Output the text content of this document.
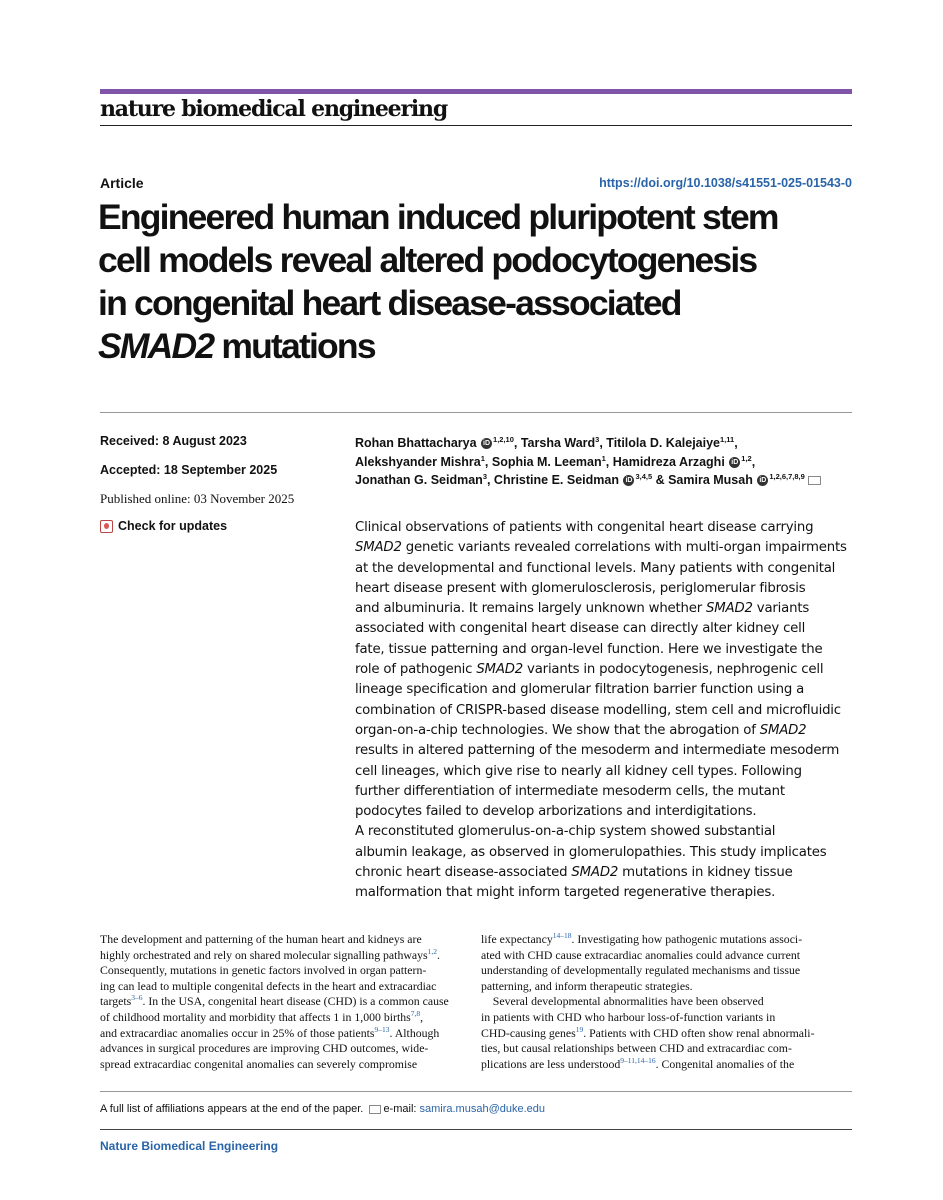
nature biomedical engineering
Article	https://doi.org/10.1038/s41551-025-01543-0
Engineered human induced pluripotent stem
cell models reveal altered podocytogenesis
in congenital heart disease-associated
SMAD2 mutations
Received: 8 August 2023
Accepted: 18 September 2025
Published online: 03 November 2025
Check for updates
Rohan Bhattacharya iD $^{1,2,10}$, Tarsha Ward$^3$, Titilola D. Kalejaiye$^{1,11}$,
Alekshyander Mishra$^1$, Sophia M. Leeman$^1$, Hamidreza Arzaghi iD $^{1,2}$,
Jonathan G. Seidman$^3$, Christine E. Seidman iD $^{3,4,5}$ & Samira Musah iD $^{1,2,6,7,8,9}$
Clinical observations of patients with congenital heart disease carrying
SMAD2 genetic variants revealed correlations with multi-organ impairments
at the developmental and functional levels. Many patients with congenital
heart disease present with glomerulosclerosis, periglomerular fibrosis
and albuminuria. It remains largely unknown whether SMAD2 variants
associated with congenital heart disease can directly alter kidney cell
fate, tissue patterning and organ-level function. Here we investigate the
role of pathogenic SMAD2 variants in podocytogenesis, nephrogenic cell
lineage specification and glomerular filtration barrier function using a
combination of CRISPR-based disease modelling, stem cell and microfluidic
organ-on-a-chip technologies. We show that the abrogation of SMAD2
results in altered patterning of the mesoderm and intermediate mesoderm
cell lineages, which give rise to nearly all kidney cell types. Following
further differentiation of intermediate mesoderm cells, the mutant
podocytes failed to develop arborizations and interdigitations.
A reconstituted glomerulus-on-a-chip system showed substantial
albumin leakage, as observed in glomerulopathies. This study implicates
chronic heart disease-associated SMAD2 mutations in kidney tissue
malformation that might inform targeted regenerative therapies.
The development and patterning of the human heart and kidneys are
highly orchestrated and rely on shared molecular signalling pathways$^{1,2}$.
Consequently, mutations in genetic factors involved in organ pattern-
ing can lead to multiple congenital defects in the heart and extracardiac
targets$^{3-6}$. In the USA, congenital heart disease (CHD) is a common cause
of childhood mortality and morbidity that affects 1 in 1,000 births$^{7,8}$,
and extracardiac anomalies occur in 25% of those patients$^{9-13}$. Although
advances in surgical procedures are improving CHD outcomes, wide-
spread extracardiac congenital anomalies can severely compromise
life expectancy$^{14-18}$. Investigating how pathogenic mutations associ-
ated with CHD cause extracardiac anomalies could advance current
understanding of developmentally regulated mechanisms and tissue
patterning, and inform therapeutic strategies.
Several developmental abnormalities have been observed
in patients with CHD who harbour loss-of-function variants in
CHD-causing genes$^{19}$. Patients with CHD often show renal abnormali-
ties, but causal relationships between CHD and extracardiac com-
plications are less understood$^{9-11,14-16}$. Congenital anomalies of the
A full list of affiliations appears at the end of the paper. e-mail: samira.musah@duke.edu
Nature Biomedical Engineering
